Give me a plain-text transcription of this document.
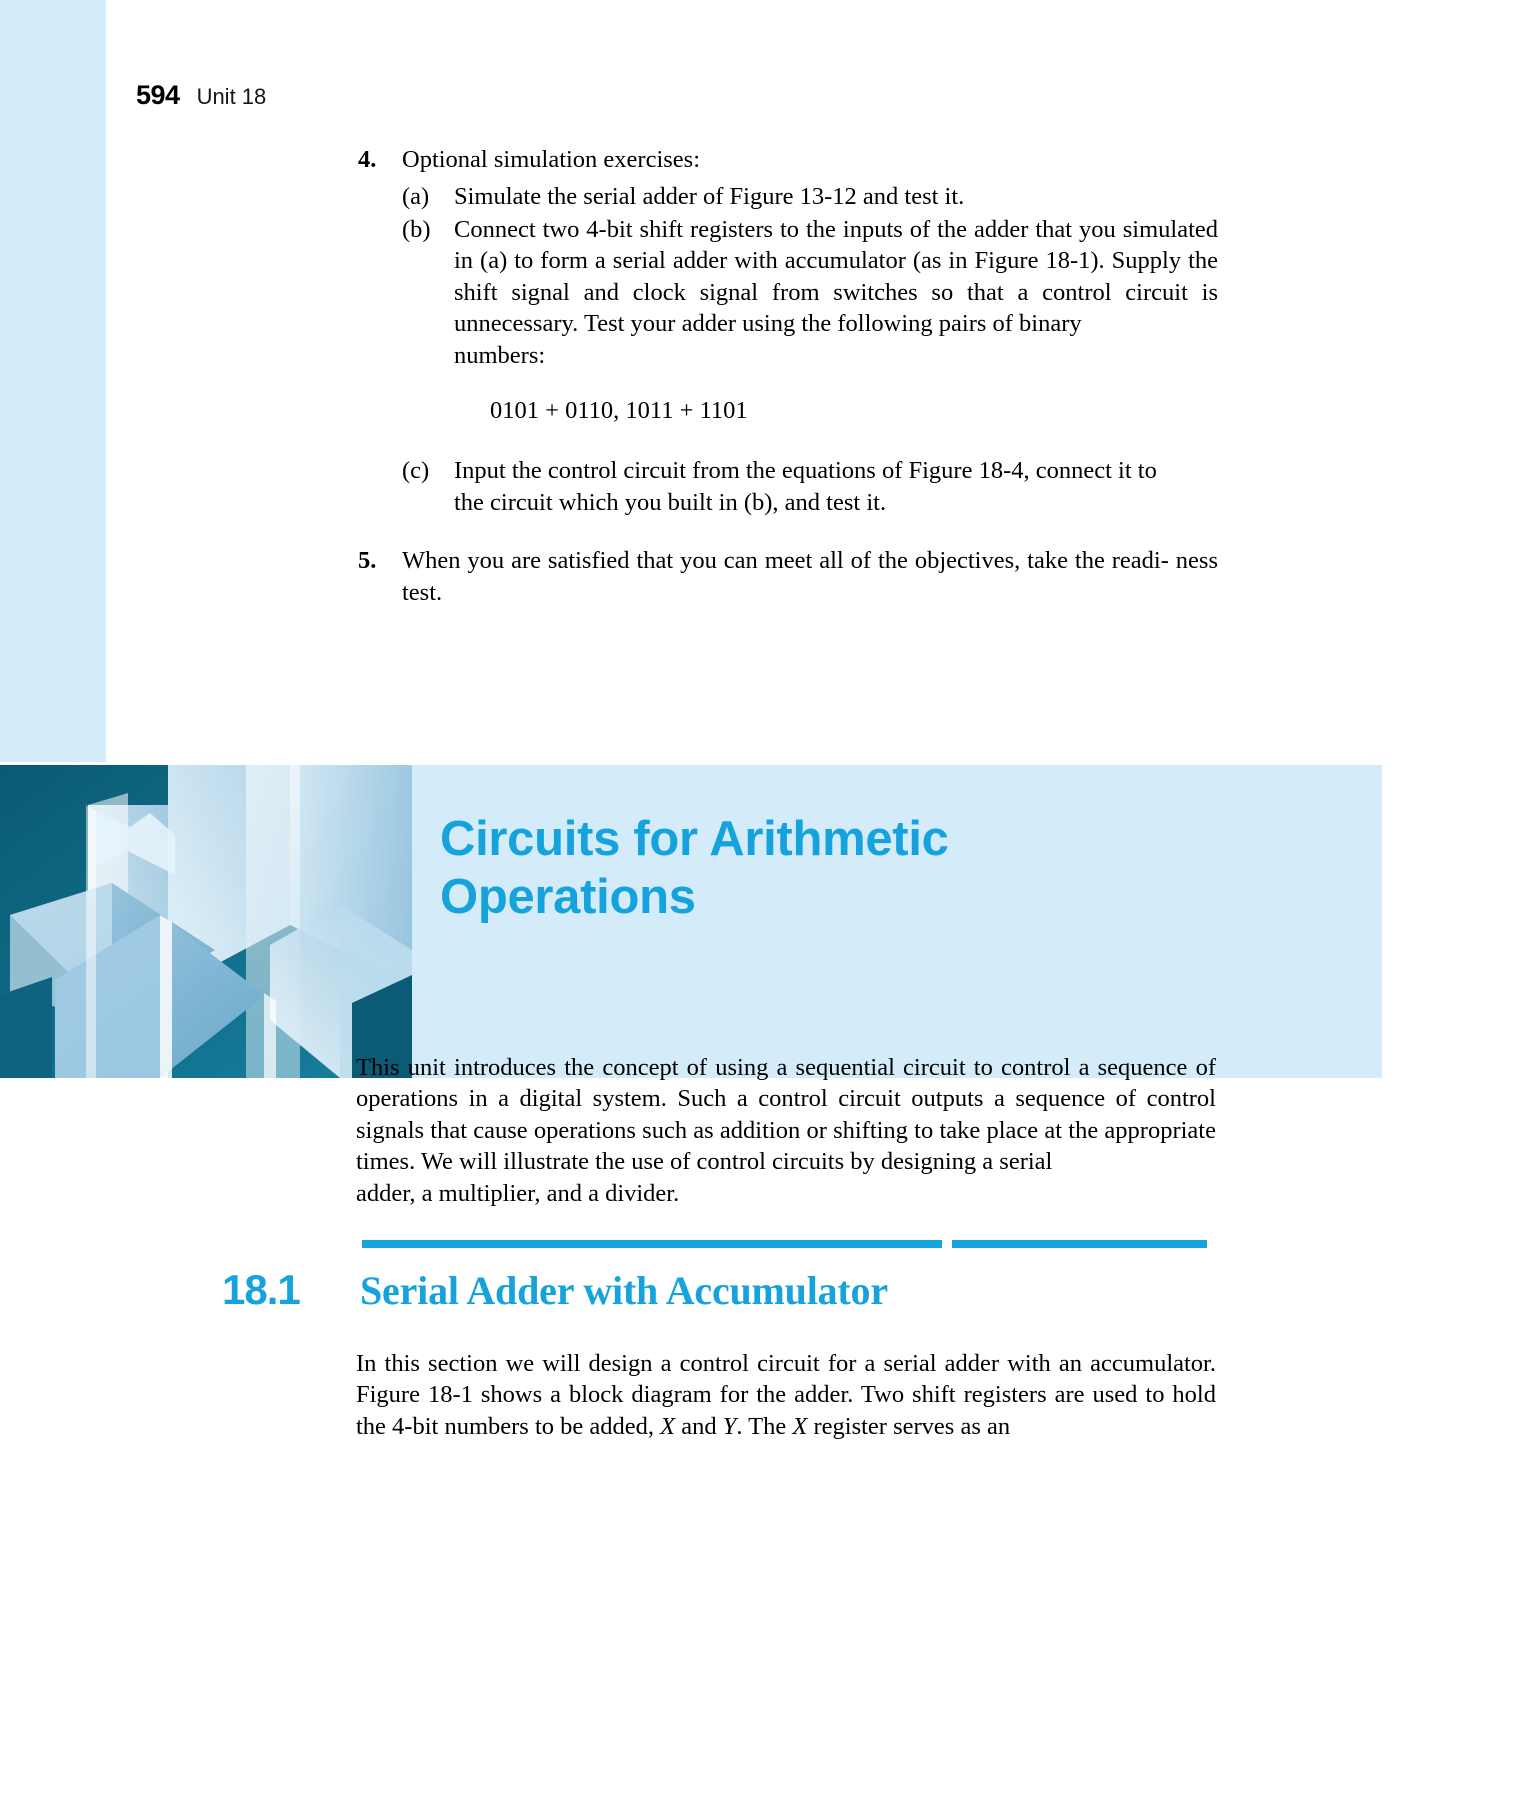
594 Unit 18
4.	Optional simulation exercises:
(a)	Simulate the serial adder of Figure 13-12 and test it.
(b) Connect two 4-bit shift registers to the inputs of the adder that you simulated in (a) to form a serial adder with accumulator (as in Figure 18-1). Supply the shift signal and clock signal from switches so that a control circuit is unnecessary. Test your adder using the following pairs of binary
numbers:
0101 + 0110, 1011 + 1101
(c)	Input the control circuit from the equations of Figure 18-4, connect it to
the circuit which you built in (b), and test it.
5.	When you are satisfied that you can meet all of the objectives, take the readi- ness test.
Circuits for Arithmetic
Operations
This unit introduces the concept of using a sequential circuit to control a sequence of operations in a digital system. Such a control circuit outputs a sequence of control signals that cause operations such as addition or shifting to take place at the appropriate times. We will illustrate the use of control circuits by designing a serial
adder, a multiplier, and a divider.
18.1	Serial Adder with Accumulator
In this section we will design a control circuit for a serial adder with an accumulator. Figure 18-1 shows a block diagram for the adder. Two shift registers are used to hold the 4-bit numbers to be added, X and Y. The X register serves as an
